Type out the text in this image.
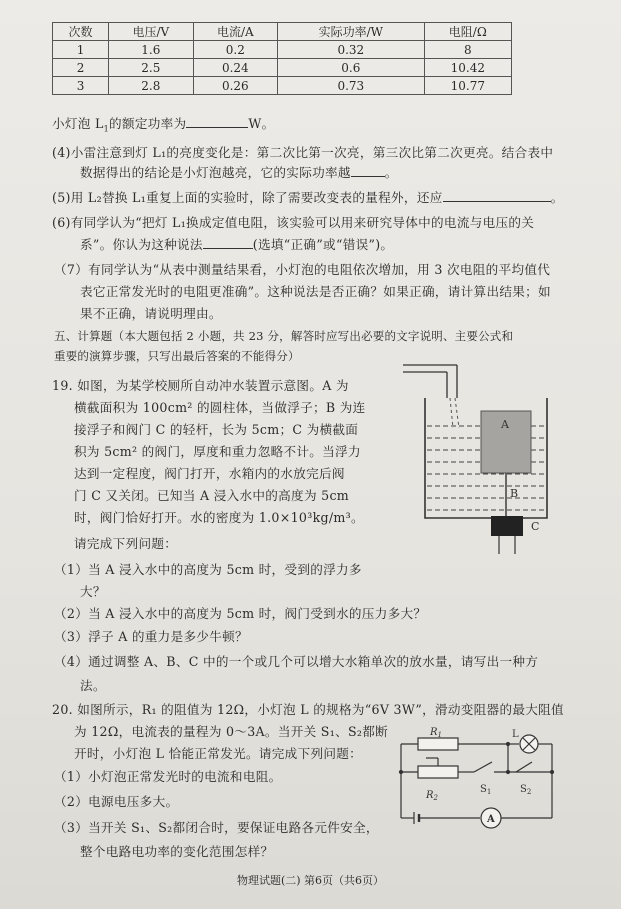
次数	电压/V	电流/A	实际功率/W	电阻/Ω
1	1.6	0.2	0.32	8
2	2.5	0.24	0.6	10.42
3	2.8	0.26	0.73	10.77
小灯泡 $L_1$的额定功率为	W。
(4)小雷注意到灯 L₁的亮度变化是：第二次比第一次亮，第三次比第二次更亮。结合表中
数据得出的结论是小灯泡越亮，它的实际功率越	。
(5)用 L₂替换 L₁重复上面的实验时，除了需要改变表的量程外，还应	。
(6)有同学认为“把灯 L₁换成定值电阻，该实验可以用来研究导体中的电流与电压的关
系”。你认为这种说法	(选填“正确”或“错误”)。
（7）有同学认为“从表中测量结果看，小灯泡的电阻依次增加，用 3 次电阻的平均值代
表它正常发光时的电阻更准确”。这种说法是否正确？如果正确，请计算出结果；如
果不正确，请说明理由。
五、计算题（本大题包括 2 小题，共 23 分，解答时应写出必要的文字说明、主要公式和
重要的演算步骤，只写出最后答案的不能得分）
19. 如图，为某学校厕所自动冲水装置示意图。A 为
横截面积为 100cm² 的圆柱体，当做浮子；B 为连
接浮子和阀门 C 的轻杆，长为 5cm；C 为横截面
积为 5cm² 的阀门，厚度和重力忽略不计。当浮力
达到一定程度，阀门打开，水箱内的水放完后阀
门 C 又关闭。已知当 A 浸入水中的高度为 5cm
时，阀门恰好打开。水的密度为 1.0×10³kg/m³。
请完成下列问题：
（1）当 A 浸入水中的高度为 5cm 时，受到的浮力多
大？
（2）当 A 浸入水中的高度为 5cm 时，阀门受到水的压力多大？
（3）浮子 A 的重力是多少牛顿？
（4）通过调整 A、B、C 中的一个或几个可以增大水箱单次的放水量，请写出一种方
法。
20. 如图所示，R₁ 的阻值为 12Ω，小灯泡 L 的规格为“6V 3W”，滑动变阻器的最大阻值
为 12Ω，电流表的量程为 0～3A。当开关 S₁、S₂都断
开时，小灯泡 L 恰能正常发光。请完成下列问题：
（1）小灯泡正常发光时的电流和电阻。
（2）电源电压多大。
（3）当开关 S₁、S₂都闭合时，要保证电路各元件安全，
整个电路电功率的变化范围怎样？
A
B
C
$R_1$
$R_2$
L
$S_1$	$S_2$
A
物理试题(二) 第6页（共6页）
